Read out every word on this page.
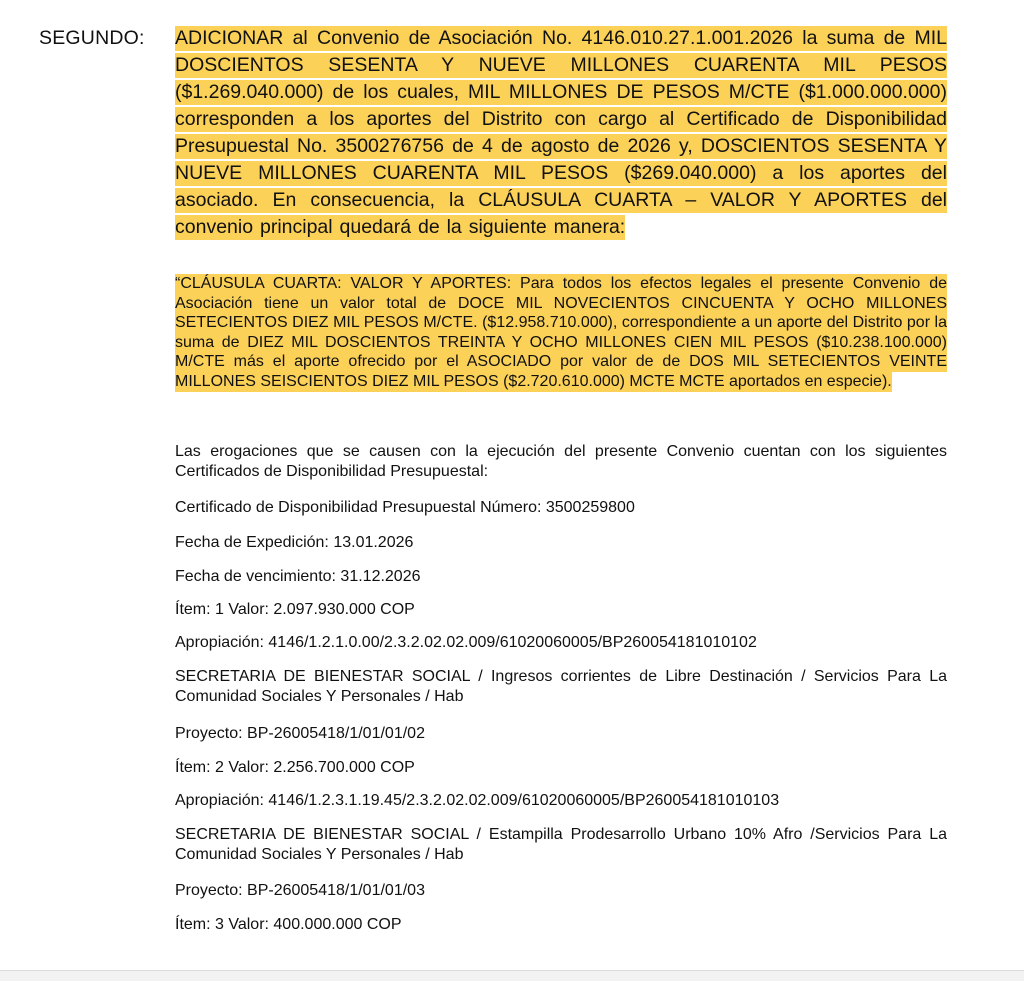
SEGUNDO: ADICIONAR al Convenio de Asociación No. 4146.010.27.1.001.2026 la suma de MIL DOSCIENTOS SESENTA Y NUEVE MILLONES CUARENTA MIL PESOS ($1.269.040.000) de los cuales, MIL MILLONES DE PESOS M/CTE ($1.000.000.000) corresponden a los aportes del Distrito con cargo al Certificado de Disponibilidad Presupuestal No. 3500276756 de 4 de agosto de 2026 y, DOSCIENTOS SESENTA Y NUEVE MILLONES CUARENTA MIL PESOS ($269.040.000) a los aportes del asociado. En consecuencia, la CLÁUSULA CUARTA – VALOR Y APORTES del convenio principal quedará de la siguiente manera:
“CLÁUSULA CUARTA: VALOR Y APORTES: Para todos los efectos legales el presente Convenio de Asociación tiene un valor total de DOCE MIL NOVECIENTOS CINCUENTA Y OCHO MILLONES SETECIENTOS DIEZ MIL PESOS M/CTE. ($12.958.710.000), correspondiente a un aporte del Distrito por la suma de DIEZ MIL DOSCIENTOS TREINTA Y OCHO MILLONES CIEN MIL PESOS ($10.238.100.000) M/CTE más el aporte ofrecido por el ASOCIADO por valor de de DOS MIL SETECIENTOS VEINTE MILLONES SEISCIENTOS DIEZ MIL PESOS ($2.720.610.000) MCTE MCTE aportados en especie).
Las erogaciones que se causen con la ejecución del presente Convenio cuentan con los siguientes Certificados de Disponibilidad Presupuestal:
Certificado de Disponibilidad Presupuestal Número: 3500259800
Fecha de Expedición: 13.01.2026
Fecha de vencimiento: 31.12.2026
Ítem: 1 Valor: 2.097.930.000 COP
Apropiación: 4146/1.2.1.0.00/2.3.2.02.02.009/61020060005/BP260054181010102
SECRETARIA DE BIENESTAR SOCIAL / Ingresos corrientes de Libre Destinación / Servicios Para La Comunidad Sociales Y Personales / Hab
Proyecto: BP-26005418/1/01/01/02
Ítem: 2 Valor: 2.256.700.000 COP
Apropiación: 4146/1.2.3.1.19.45/2.3.2.02.02.009/61020060005/BP260054181010103
SECRETARIA DE BIENESTAR SOCIAL / Estampilla Prodesarrollo Urbano 10% Afro /Servicios Para La Comunidad Sociales Y Personales / Hab
Proyecto: BP-26005418/1/01/01/03
Ítem: 3 Valor: 400.000.000 COP
